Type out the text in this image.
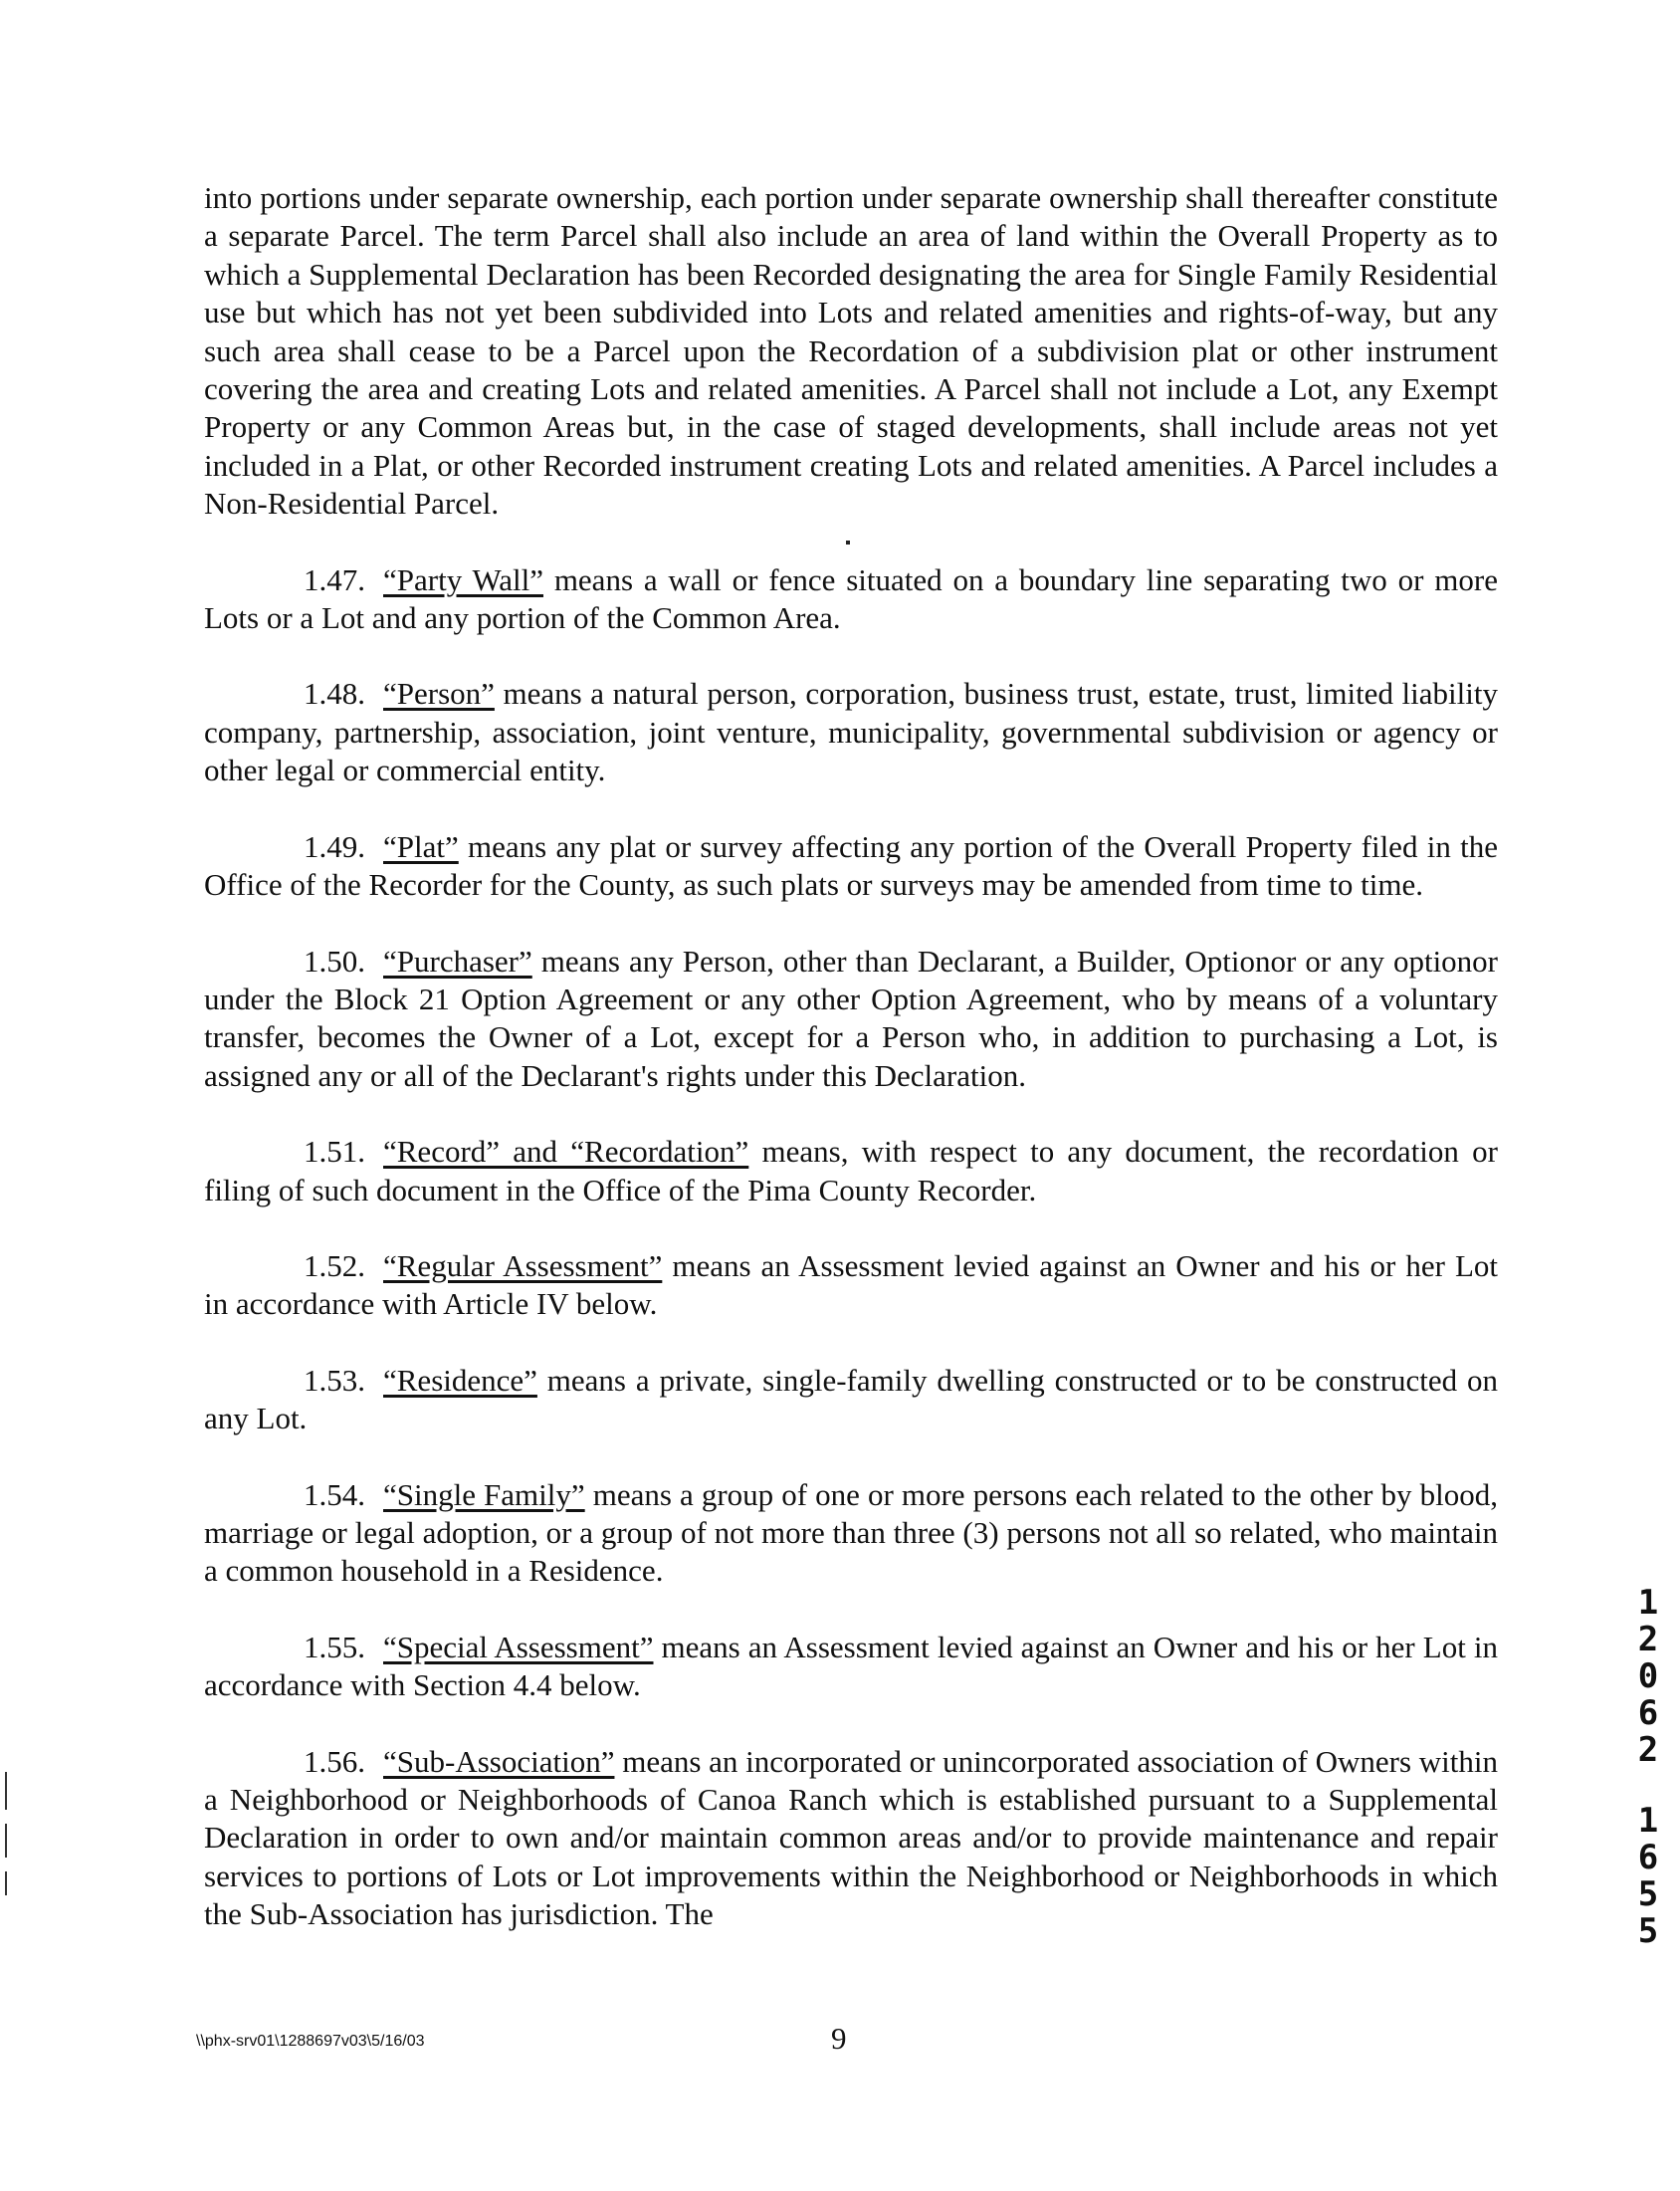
into portions under separate ownership, each portion under separate ownership shall thereafter constitute a separate Parcel. The term Parcel shall also include an area of land within the Overall Property as to which a Supplemental Declaration has been Recorded designating the area for Single Family Residential use but which has not yet been subdivided into Lots and related amenities and rights-of-way, but any such area shall cease to be a Parcel upon the Recordation of a subdivision plat or other instrument covering the area and creating Lots and related amenities. A Parcel shall not include a Lot, any Exempt Property or any Common Areas but, in the case of staged developments, shall include areas not yet included in a Plat, or other Recorded instrument creating Lots and related amenities. A Parcel includes a Non-Residential Parcel.

1.47. “Party Wall” means a wall or fence situated on a boundary line separating two or more Lots or a Lot and any portion of the Common Area.

1.48. “Person” means a natural person, corporation, business trust, estate, trust, limited liability company, partnership, association, joint venture, municipality, governmental subdivision or agency or other legal or commercial entity.

1.49. “Plat” means any plat or survey affecting any portion of the Overall Property filed in the Office of the Recorder for the County, as such plats or surveys may be amended from time to time.

1.50. “Purchaser” means any Person, other than Declarant, a Builder, Optionor or any optionor under the Block 21 Option Agreement or any other Option Agreement, who by means of a voluntary transfer, becomes the Owner of a Lot, except for a Person who, in addition to purchasing a Lot, is assigned any or all of the Declarant's rights under this Declaration.

1.51. “Record” and “Recordation” means, with respect to any document, the recordation or filing of such document in the Office of the Pima County Recorder.

1.52. “Regular Assessment” means an Assessment levied against an Owner and his or her Lot in accordance with Article IV below.

1.53. “Residence” means a private, single-family dwelling constructed or to be constructed on any Lot.

1.54. “Single Family” means a group of one or more persons each related to the other by blood, marriage or legal adoption, or a group of not more than three (3) persons not all so related, who maintain a common household in a Residence.

1.55. “Special Assessment” means an Assessment levied against an Owner and his or her Lot in accordance with Section 4.4 below.

1.56. “Sub-Association” means an incorporated or unincorporated association of Owners within a Neighborhood or Neighborhoods of Canoa Ranch which is established pursuant to a Supplemental Declaration in order to own and/or maintain common areas and/or to provide maintenance and repair services to portions of Lots or Lot improvements within the Neighborhood or Neighborhoods in which the Sub-Association has jurisdiction. The

1
2
0
6
2
1
6
5
5
\\phx-srv01\1288697v03\5/16/03	9
